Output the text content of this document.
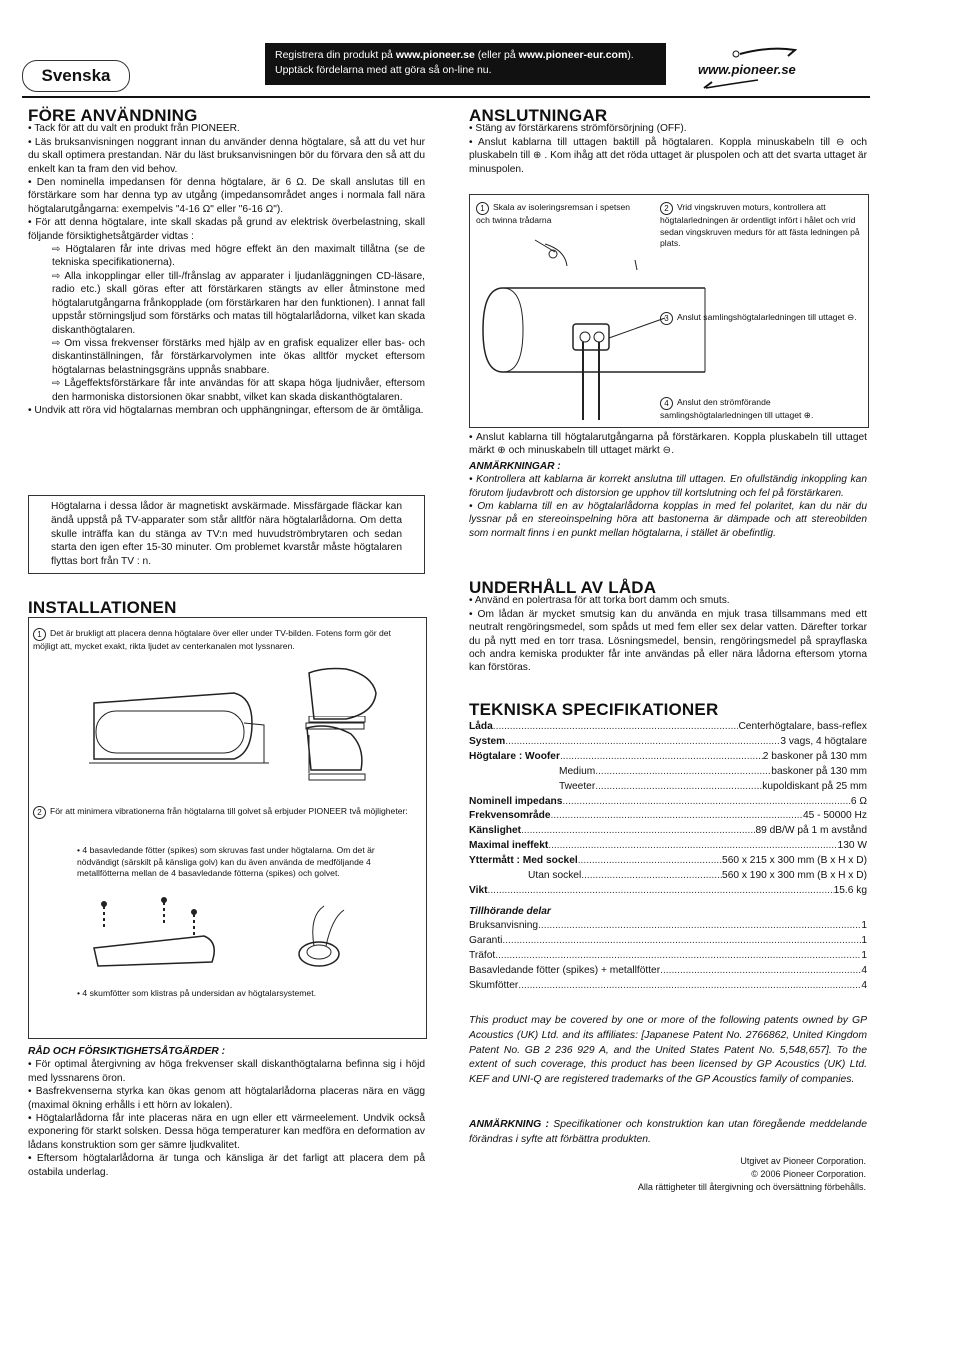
Svenska
Registrera din produkt på www.pioneer.se (eller på www.pioneer-eur.com).
Upptäck fördelarna med att göra så on-line nu.	www.pioneer.se
FÖRE ANVÄNDNING

• Tack för att du valt en produkt från PIONEER.

• Läs bruksanvisningen noggrant innan du använder denna högtalare, så att du vet hur du skall optimera prestandan. När du läst bruksanvisningen bör du förvara den så att du enkelt kan ta fram den vid behov.

• Den nominella impedansen för denna högtalare, är 6 Ω. De skall anslutas till en förstärkare som har denna typ av utgång (impedansområdet anges i normala fall nära högtalarutgångarna: exempelvis "4-16 Ω" eller "6-16 Ω").

• För att denna högtalare, inte skall skadas på grund av elektrisk överbelastning, skall följande försiktighetsåtgärder vidtas :

⇨ Högtalaren får inte drivas med högre effekt än den maximalt tillåtna (se de tekniska specifikationerna).

⇨ Alla inkopplingar eller till-/frånslag av apparater i ljudanläggningen CD-läsare, radio etc.) skall göras efter att förstärkaren stängts av eller åtminstone med högtalarutgångarna frånkopplade (om förstärkaren har den funktionen). I annat fall uppstår störningsljud som förstärks och matas till högtalarlådorna, vilket kan skada diskanthögtalaren.

⇨ Om vissa frekvenser förstärks med hjälp av en grafisk equalizer eller bas- och diskantinställningen, får förstärkarvolymen inte ökas alltför mycket eftersom högtalarnas belastningsgräns uppnås snabbare.

⇨ Lågeffektsförstärkare får inte användas för att skapa höga ljudnivåer, eftersom den harmoniska distorsionen ökar snabbt, vilket kan skada diskanthögtalaren.

• Undvik att röra vid högtalarnas membran och upphängningar, eftersom de är ömtåliga.

Högtalarna i dessa lådor är magnetiskt avskärmade. Missfärgade fläckar kan ändå uppstå på TV-apparater som står alltför nära högtalarlådorna. Om detta skulle inträffa kan du stänga av TV:n med huvudströmbrytaren och sedan starta den igen efter 15-30 minuter. Om problemet kvarstår måste högtalaren flyttas bort från TV : n.

INSTALLATIONEN
1 Det är brukligt att placera denna högtalare över eller under TV-bilden. Fotens form gör det möjligt att, mycket exakt, rikta ljudet av centerkanalen mot lyssnaren.
2 För att minimera vibrationerna från högtalarna till golvet så erbjuder PIONEER två möjligheter:
• 4 basavledande fötter (spikes) som skruvas fast under högtalarna. Om det är nödvändigt (särskilt på känsliga golv) kan du även använda de medföljande 4 metallfötterna mellan de 4 basavledande fötterna (spikes) och golvet.
• 4 skumfötter som klistras på undersidan av högtalarsystemet.

RÅD OCH FÖRSIKTIGHETSÅTGÄRDER :

• För optimal återgivning av höga frekvenser skall diskanthögtalarna befinna sig i höjd med lyssnarens öron.

• Basfrekvenserna styrka kan ökas genom att högtalarlådorna placeras nära en vägg (maximal ökning erhålls i ett hörn av lokalen).

• Högtalarlådorna får inte placeras nära en ugn eller ett värmeelement. Undvik också exponering för starkt solsken. Dessa höga temperaturer kan medföra en deformation av lådans konstruktion som ger sämre ljudkvalitet.

• Eftersom högtalarlådorna är tunga och känsliga är det farligt att placera dem på ostabila underlag.

ANSLUTNINGAR

• Stäng av förstärkarens strömförsörjning (OFF).

• Anslut kablarna till uttagen baktill på högtalaren. Koppla minuskabeln till ⊖ och pluskabeln till ⊕ . Kom ihåg att det röda uttaget är pluspolen och att det svarta uttaget är minuspolen.

1 Skala av isoleringsremsan i spetsen och twinna trådarna
2 Vrid vingskruven moturs, kontrollera att högtalarledningen är ordentligt infört i hålet och vrid sedan vingskruven medurs för att fästa ledningen på plats.
3 Anslut samlingshögtalarledningen till uttaget ⊖.
4 Anslut den strömförande samlingshögtalarledningen till uttaget ⊕.

• Anslut kablarna till högtalarutgångarna på förstärkaren. Koppla pluskabeln till uttaget märkt ⊕ och minuskabeln till uttaget märkt ⊖.

ANMÄRKNINGAR :

• Kontrollera att kablarna är korrekt anslutna till uttagen. En ofullständig inkoppling kan förutom ljudavbrott och distorsion ge upphov till kortslutning och fel på förstärkaren.

• Om kablarna till en av högtalarlådorna kopplas in med fel polaritet, kan du när du lyssnar på en stereoinspelning höra att bastonerna är dämpade och att stereobilden som normalt finns i en punkt mellan högtalarna, i stället är obefintlig.

UNDERHÅLL AV LÅDA

• Använd en polertrasa för att torka bort damm och smuts.

• Om lådan är mycket smutsig kan du använda en mjuk trasa tillsammans med ett neutralt rengöringsmedel, som spåds ut med fem eller sex delar vatten. Därefter torkar du på nytt med en torr trasa. Lösningsmedel, bensin, rengöringsmedel på sprayflaska och andra kemiska produkter får inte användas på eller nära lådorna eftersom ytorna kan förstöras.

TEKNISKA SPECIFIKATIONER
Låda .....	Centerhögtalare, bass-reflex
System .....	3 vags, 4 högtalare
Högtalare : Woofer .....	2 baskoner på 130 mm
Medium .....	baskoner på 130 mm
Tweeter .....	kupoldiskant på 25 mm
Nominell impedans .....	6 Ω
Frekvensområde .....	45 - 50000 Hz
Känslighet .....	89 dB/W på 1 m avstånd
Maximal ineffekt .....	130 W
Yttermått : Med sockel .....	560 x 215 x 300 mm (B x H x D)
Utan sockel .....	560 x 190 x 300 mm (B x H x D)
Vikt .....	15.6 kg
Tillhörande delar
Bruksanvisning .....	1
Garanti .....	1
Träfot .....	1
Basavledande fötter (spikes) + metallfötter .....	4
Skumfötter .....	4
This product may be covered by one or more of the following patents owned by GP Acoustics (UK) Ltd. and its affiliates: [Japanese Patent No. 2766862, United Kingdom Patent No. GB 2 236 929 A, and the United States Patent No. 5,548,657]. To the extent of such coverage, this product has been licensed by GP Acoustics (UK) Ltd. KEF and UNI-Q are registered trademarks of the GP Acoustics family of companies.
ANMÄRKNING : Specifikationer och konstruktion kan utan föregående meddelande förändras i syfte att förbättra produkten.
Utgivet av Pioneer Corporation.
© 2006 Pioneer Corporation.
Alla rättigheter till återgivning och översättning förbehålls.
